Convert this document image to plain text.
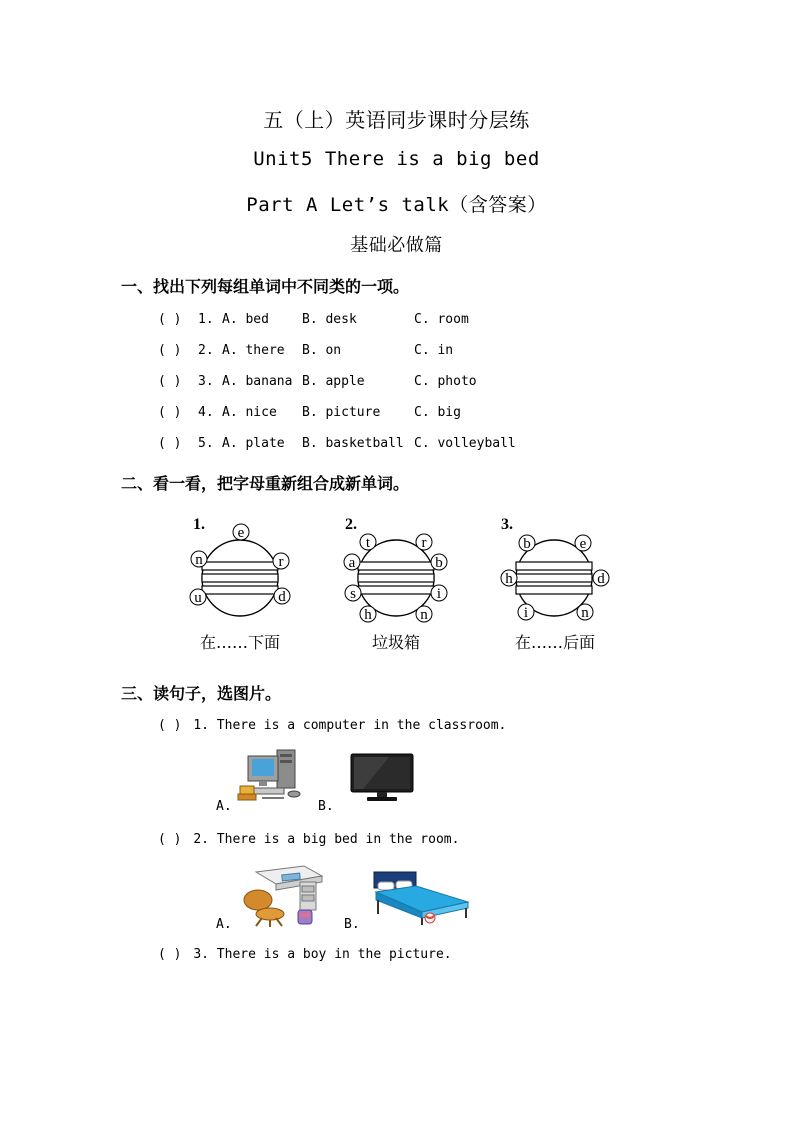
五（上）英语同步课时分层练
Unit5 There is a big bed
Part A Let’s talk（含答案）
基础必做篇
一、找出下列每组单词中不同类的一项。
( ) 1. A. bed	B. desk	C. room
( ) 2. A. there B. on	C. in
( ) 3. A. banana B. apple	C. photo
( ) 4. A. nice B. picture	C. big
( ) 5. A. plate B. basketball C. volleyball
二、看一看，把字母重新组合成新单词。
1. e
n	r
u	d
在……下面
2.
t	r
a	b
s	i
h	n
垃圾箱
3.
b	e
h	d
i	n
在……后面
三、读句子，选图片。
( ) 1. There is a computer in the classroom.
A.	B.
( ) 2. There is a big bed in the room.
A.	B.
( ) 3. There is a boy in the picture.
